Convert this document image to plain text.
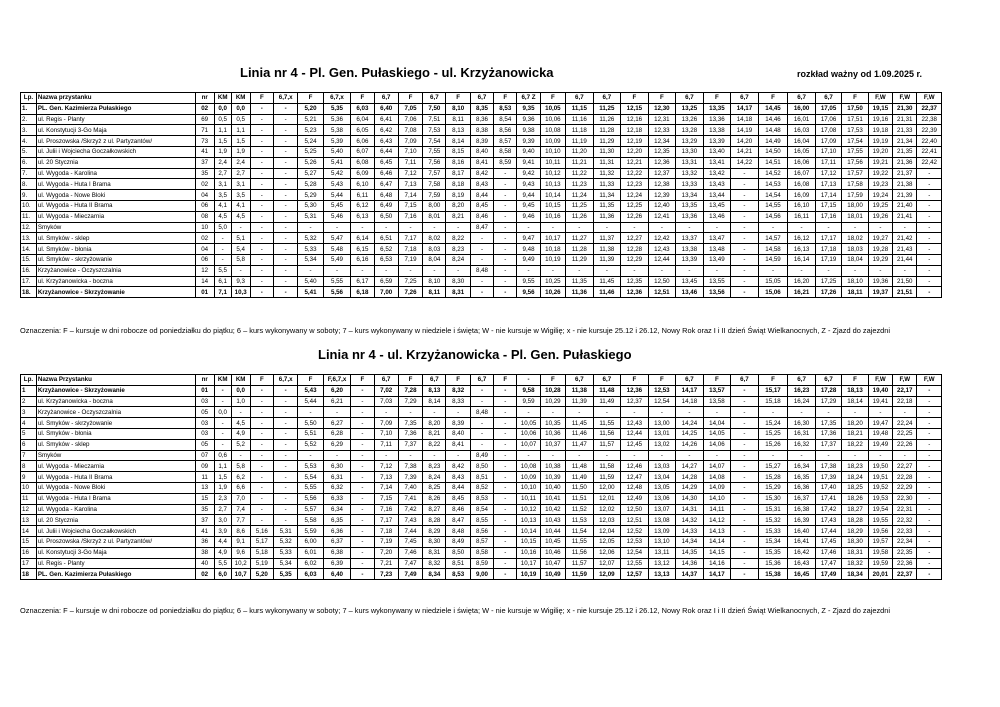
Linia nr 4 - Pl. Gen. Pułaskiego - ul. Krzyżanowicka	rozkład ważny od 1.09.2025 r.
Lp.	Nazwa przystanku	nr	KM	KM	F	6,7,x	F	6,7,x	F	6,7	F	6,7	F	6,7	F	6,7 Z	F	6,7	6,7	F	F	6,7	F	6,7	F	6,7	6,7	F	F,W	F,W	F,W
1.	PL. Gen. Kazimierza Pułaskiego	02	0,0	0,0	-	-	5,20	5,35	6,03	6,40	7,05	7,50	8,10	8,35	8,53	9,35	10,05	11,15	11,25	12,15	12,30	13,25	13,35	14,17	14,45	16,00	17,05	17,50	19,15	21,30	22,37
2.	ul. Regis - Planty	69	0,5	0,5	-	-	5,21	5,36	6,04	6,41	7,06	7,51	8,11	8,36	8,54	9,36	10,06	11,16	11,26	12,16	12,31	13,26	13,36	14,18	14,46	16,01	17,06	17,51	19,16	21,31	22,38
3.	ul. Konstytucji 3-Go Maja	71	1,1	1,1	-	-	5,23	5,38	6,05	6,42	7,08	7,53	8,13	8,38	8,56	9,38	10,08	11,18	11,28	12,18	12,33	13,28	13,38	14,19	14,48	16,03	17,08	17,53	19,18	21,33	22,39
4.	ul. Proszowska /Skrzyż z ul. Partyzantów/	73	1,5	1,5	-	-	5,24	5,39	6,06	6,43	7,09	7,54	8,14	8,39	8,57	9,39	10,09	11,19	11,29	12,19	12,34	13,29	13,39	14,20	14,49	16,04	17,09	17,54	19,19	21,34	22,40
5.	ul. Julii i Wojciecha Goczałkowskich	41	1,9	1,9	-	-	5,25	5,40	6,07	6,44	7,10	7,55	8,15	8,40	8,58	9,40	10,10	11,20	11,30	12,20	12,35	13,30	13,40	14,21	14,50	16,05	17,10	17,55	19,20	21,35	22,41
6.	ul. 20 Stycznia	37	2,4	2,4	-	-	5,26	5,41	6,08	6,45	7,11	7,56	8,16	8,41	8,59	9,41	10,11	11,21	11,31	12,21	12,36	13,31	13,41	14,22	14,51	16,06	17,11	17,56	19,21	21,36	22,42
7.	ul. Wygoda - Karolina	35	2,7	2,7	-	-	5,27	5,42	6,09	6,46	7,12	7,57	8,17	8,42	-	9,42	10,12	11,22	11,32	12,22	12,37	13,32	13,42	-	14,52	16,07	17,12	17,57	19,22	21,37	-
8.	ul. Wygoda - Huta I Brama	02	3,1	3,1	-	-	5,28	5,43	6,10	6,47	7,13	7,58	8,18	8,43	-	9,43	10,13	11,23	11,33	12,23	12,38	13,33	13,43	-	14,53	16,08	17,13	17,58	19,23	21,38	-
9.	ul. Wygoda - Nowe Bloki	04	3,5	3,5	-	-	5,29	5,44	6,11	6,48	7,14	7,59	8,19	8,44	-	9,44	10,14	11,24	11,34	12,24	12,39	13,34	13,44	-	14,54	16,09	17,14	17,59	19,24	21,39	-
10.	ul. Wygoda - Huta II Brama	06	4,1	4,1	-	-	5,30	5,45	6,12	6,49	7,15	8,00	8,20	8,45	-	9,45	10,15	11,25	11,35	12,25	12,40	13,35	13,45	-	14,55	16,10	17,15	18,00	19,25	21,40	-
11.	ul. Wygoda - Mieczarnia	08	4,5	4,5	-	-	5,31	5,46	6,13	6,50	7,16	8,01	8,21	8,46	-	9,46	10,16	11,26	11,36	12,26	12,41	13,36	13,46	-	14,56	16,11	17,16	18,01	19,26	21,41	-
12.	Smyków	10	5,0	-	-	-	-	-	-	-	-	-	-	8,47	-	-	-	-	-	-	-	-	-	-	-	-	-	-	-	-	-
13.	ul. Smyków - sklep	02	-	5,1	-	-	5,32	5,47	6,14	6,51	7,17	8,02	8,22	-	-	9,47	10,17	11,27	11,37	12,27	12,42	13,37	13,47	-	14,57	16,12	17,17	18,02	19,27	21,42	-
14.	ul. Smyków - błonia	04	-	5,4	-	-	5,33	5,48	6,15	6,52	7,18	8,03	8,23	-	-	9,48	10,18	11,28	11,38	12,28	12,43	13,38	13,48	-	14,58	16,13	17,18	18,03	19,28	21,43	-
15.	ul. Smyków - skrzyżowanie	06	-	5,8	-	-	5,34	5,49	6,16	6,53	7,19	8,04	8,24	-	-	9,49	10,19	11,29	11,39	12,29	12,44	13,39	13,49	-	14,59	16,14	17,19	18,04	19,29	21,44	-
16.	Krzyżanowice - Oczyszczalnia	12	5,5	-	-	-	-	-	-	-	-	-	-	8,48	-	-	-	-	-	-	-	-	-	-	-	-	-	-	-	-	-
17.	ul. Krzyżanowicka - boczna	14	6,1	9,3	-	-	5,40	5,55	6,17	6,59	7,25	8,10	8,30	-	-	9,55	10,25	11,35	11,45	12,35	12,50	13,45	13,55	-	15,05	16,20	17,25	18,10	19,36	21,50	-
18.	Krzyżanowice - Skrzyżowanie	01	7,1	10,3	-	-	5,41	5,56	6,18	7,00	7,26	8,11	8,31	-	-	9,56	10,26	11,36	11,46	12,36	12,51	13,46	13,56	-	15,06	16,21	17,26	18,11	19,37	21,51	-
Oznaczenia: F – kursuje w dni robocze od poniedziałku do piątku; 6 – kurs wykonywany w soboty; 7 – kurs wykonywany w niedziele i święta; W - nie kursuje w Wigilię; x - nie kursuje 25.12 i 26.12, Nowy Rok oraz I i II dzień Świąt Wielkanocnych, Z - Zjazd do zajezdni
Linia nr 4 - ul. Krzyżanowicka - Pl. Gen. Pułaskiego
Lp.	Nazwa Przystanku	nr	KM	KM	F	6,7,x	F	F,6,7,x	F	6,7	F	6,7	F	6,7	F	-	F	6,7	6,7	F	F	6,7	F	6,7	F	6,7	6,7	F	F,W	F,W	F,W
1	Krzyżanowice - Skrzyżowanie	01	-	0,0	-	-	5,43	6,20	-	7,02	7,28	8,13	8,32	-	-	9,58	10,28	11,38	11,48	12,36	12,53	14,17	13,57	-	15,17	16,23	17,28	18,13	19,40	22,17	-
2	ul. Krzyżanowicka - boczna	03	-	1,0	-	-	5,44	6,21	-	7,03	7,29	8,14	8,33	-	-	9,59	10,29	11,39	11,49	12,37	12,54	14,18	13,58	-	15,18	16,24	17,29	18,14	19,41	22,18	-
3	Krzyżanowice - Oczyszczalnia	05	0,0	-	-	-	-	-	-	-	-	-	-	8,48	-	-	-	-	-	-	-	-	-	-	-	-	-	-	-	-	-
4	ul. Smyków - skrzyżowanie	03	-	4,5	-	-	5,50	6,27	-	7,09	7,35	8,20	8,39	-	-	10,05	10,35	11,45	11,55	12,43	13,00	14,24	14,04	-	15,24	16,30	17,35	18,20	19,47	22,24	-
5	ul. Smyków - błonia	03	-	4,9	-	-	5,51	6,28	-	7,10	7,36	8,21	8,40	-	-	10,06	10,36	11,46	11,56	12,44	13,01	14,25	14,05	-	15,25	16,31	17,36	18,21	19,48	22,25	-
6	ul. Smyków - sklep	05	-	5,2	-	-	5,52	6,29	-	7,11	7,37	8,22	8,41	-	-	10,07	10,37	11,47	11,57	12,45	13,02	14,26	14,06	-	15,26	16,32	17,37	18,22	19,49	22,26	-
7	Smyków	07	0,6	-	-	-	-	-	-	-	-	-	-	8,49	-	-	-	-	-	-	-	-	-	-	-	-	-	-	-	-	-
8	ul. Wygoda - Mieczarnia	09	1,1	5,8	-	-	5,53	6,30	-	7,12	7,38	8,23	8,42	8,50	-	10,08	10,38	11,48	11,58	12,46	13,03	14,27	14,07	-	15,27	16,34	17,38	18,23	19,50	22,27	-
9	ul. Wygoda - Huta II Brama	11	1,5	6,2	-	-	5,54	6,31	-	7,13	7,39	8,24	8,43	8,51	-	10,09	10,39	11,49	11,59	12,47	13,04	14,28	14,08	-	15,28	16,35	17,39	18,24	19,51	22,28	-
10	ul. Wygoda - Nowe Bloki	13	1,9	6,6	-	-	5,55	6,32	-	7,14	7,40	8,25	8,44	8,52	-	10,10	10,40	11,50	12,00	12,48	13,05	14,29	14,09	-	15,29	16,36	17,40	18,25	19,52	22,29	-
11	ul. Wygoda - Huta I Brama	15	2,3	7,0	-	-	5,56	6,33	-	7,15	7,41	8,26	8,45	8,53	-	10,11	10,41	11,51	12,01	12,49	13,06	14,30	14,10	-	15,30	16,37	17,41	18,26	19,53	22,30	-
12	ul. Wygoda - Karolina	35	2,7	7,4	-	-	5,57	6,34	-	7,16	7,42	8,27	8,46	8,54	-	10,12	10,42	11,52	12,02	12,50	13,07	14,31	14,11	-	15,31	16,38	17,42	18,27	19,54	22,31	-
13	ul. 20 Stycznia	37	3,0	7,7	-	-	5,58	6,35	-	7,17	7,43	8,28	8,47	8,55	-	10,13	10,43	11,53	12,03	12,51	13,08	14,32	14,12	-	15,32	16,39	17,43	18,28	19,55	22,32	-
14	ul. Julii i Wojciecha Goczałkowskich	41	3,9	8,6	5,16	5,31	5,59	6,36	-	7,18	7,44	8,29	8,48	8,56	-	10,14	10,44	11,54	12,04	12,52	13,09	14,33	14,13	-	15,33	16,40	17,44	18,29	19,56	22,33	-
15	ul. Proszowska /Skrzyż z ul. Partyzantów/	36	4,4	9,1	5,17	5,32	6,00	6,37	-	7,19	7,45	8,30	8,49	8,57	-	10,15	10,45	11,55	12,05	12,53	13,10	14,34	14,14	-	15,34	16,41	17,45	18,30	19,57	22,34	-
16	ul. Konstytucji 3-Go Maja	38	4,9	9,6	5,18	5,33	6,01	6,38	-	7,20	7,46	8,31	8,50	8,58	-	10,16	10,46	11,56	12,06	12,54	13,11	14,35	14,15	-	15,35	16,42	17,46	18,31	19,58	22,35	-
17	ul. Regis - Planty	40	5,5	10,2	5,19	5,34	6,02	6,39	-	7,21	7,47	8,32	8,51	8,59	-	10,17	10,47	11,57	12,07	12,55	13,12	14,36	14,16	-	15,36	16,43	17,47	18,32	19,59	22,36	-
18	PL. Gen. Kazimierza Pułaskiego	02	6,0	10,7	5,20	5,35	6,03	6,40	-	7,23	7,49	8,34	8,53	9,00	-	10,19	10,49	11,59	12,09	12,57	13,13	14,37	14,17	-	15,38	16,45	17,49	18,34	20,01	22,37	-
Oznaczenia: F – kursuje w dni robocze od poniedziałku do piątku; 6 – kurs wykonywany w soboty; 7 – kurs wykonywany w niedziele i święta; W - nie kursuje w Wigilię; x - nie kursuje 25.12 i 26.12, Nowy Rok oraz I i II dzień Świąt Wielkanocnych, Z - Zjazd do zajezdni
